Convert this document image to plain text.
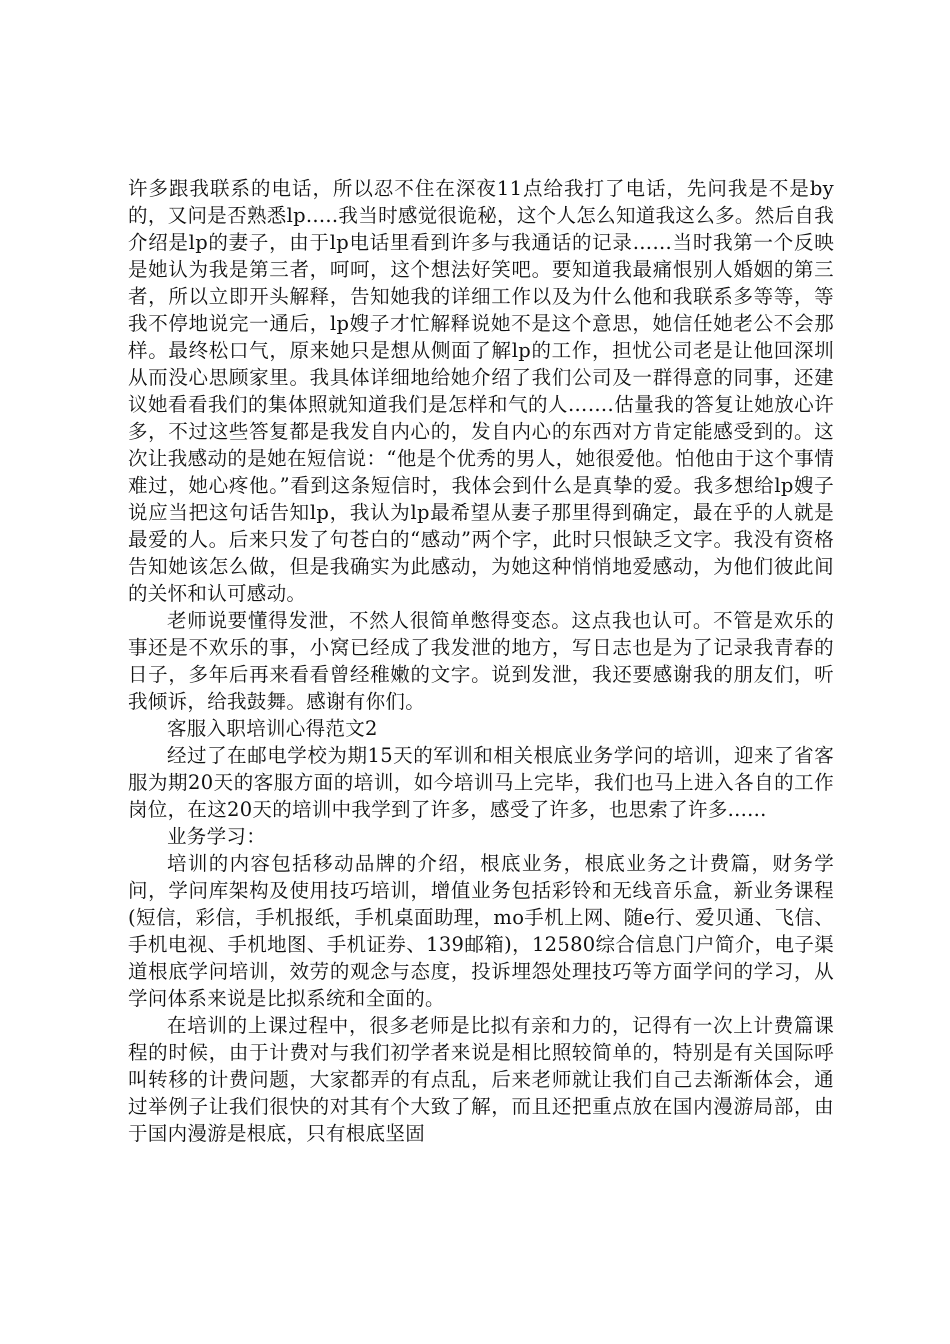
许多跟我联系的电话，所以忍不住在深夜11点给我打了电话，先问我是不是by的，又问是否熟悉lp.....我当时感觉很诡秘，这个人怎么知道我这么多。然后自我介绍是lp的妻子，由于lp电话里看到许多与我通话的记录……当时我第一个反映是她认为我是第三者，呵呵，这个想法好笑吧。要知道我最痛恨别人婚姻的第三者，所以立即开头解释，告知她我的详细工作以及为什么他和我联系多等等，等我不停地说完一通后，lp嫂子才忙解释说她不是这个意思，她信任她老公不会那样。最终松口气，原来她只是想从侧面了解lp的工作，担忧公司老是让他回深圳从而没心思顾家里。我具体详细地给她介绍了我们公司及一群得意的同事，还建议她看看我们的集体照就知道我们是怎样和气的人…….估量我的答复让她放心许多，不过这些答复都是我发自内心的，发自内心的东西对方肯定能感受到的。这次让我感动的是她在短信说：“他是个优秀的男人，她很爱他。怕他由于这个事情难过，她心疼他。”看到这条短信时，我体会到什么是真挚的爱。我多想给lp嫂子说应当把这句话告知lp，我认为lp最希望从妻子那里得到确定，最在乎的人就是最爱的人。后来只发了句苍白的“感动”两个字，此时只恨缺乏文字。我没有资格告知她该怎么做，但是我确实为此感动，为她这种悄悄地爱感动，为他们彼此间的关怀和认可感动。

老师说要懂得发泄，不然人很简单憋得变态。这点我也认可。不管是欢乐的事还是不欢乐的事，小窝已经成了我发泄的地方，写日志也是为了记录我青春的日子，多年后再来看看曾经稚嫩的文字。说到发泄，我还要感谢我的朋友们，听我倾诉，给我鼓舞。感谢有你们。

客服入职培训心得范文2

经过了在邮电学校为期15天的军训和相关根底业务学问的培训，迎来了省客服为期20天的客服方面的培训，如今培训马上完毕，我们也马上进入各自的工作岗位，在这20天的培训中我学到了许多，感受了许多，也思索了许多......

业务学习：

培训的内容包括移动品牌的介绍，根底业务，根底业务之计费篇，财务学问，学问库架构及使用技巧培训，增值业务包括彩铃和无线音乐盒，新业务课程(短信，彩信，手机报纸，手机桌面助理，mo手机上网、随e行、爱贝通、飞信、手机电视、手机地图、手机证券、139邮箱)，12580综合信息门户简介，电子渠道根底学问培训，效劳的观念与态度，投诉埋怨处理技巧等方面学问的学习，从学问体系来说是比拟系统和全面的。

在培训的上课过程中，很多老师是比拟有亲和力的，记得有一次上计费篇课程的时候，由于计费对与我们初学者来说是相比照较简单的，特别是有关国际呼叫转移的计费问题，大家都弄的有点乱，后来老师就让我们自己去渐渐体会，通过举例子让我们很快的对其有个大致了解，而且还把重点放在国内漫游局部，由于国内漫游是根底，只有根底坚固
